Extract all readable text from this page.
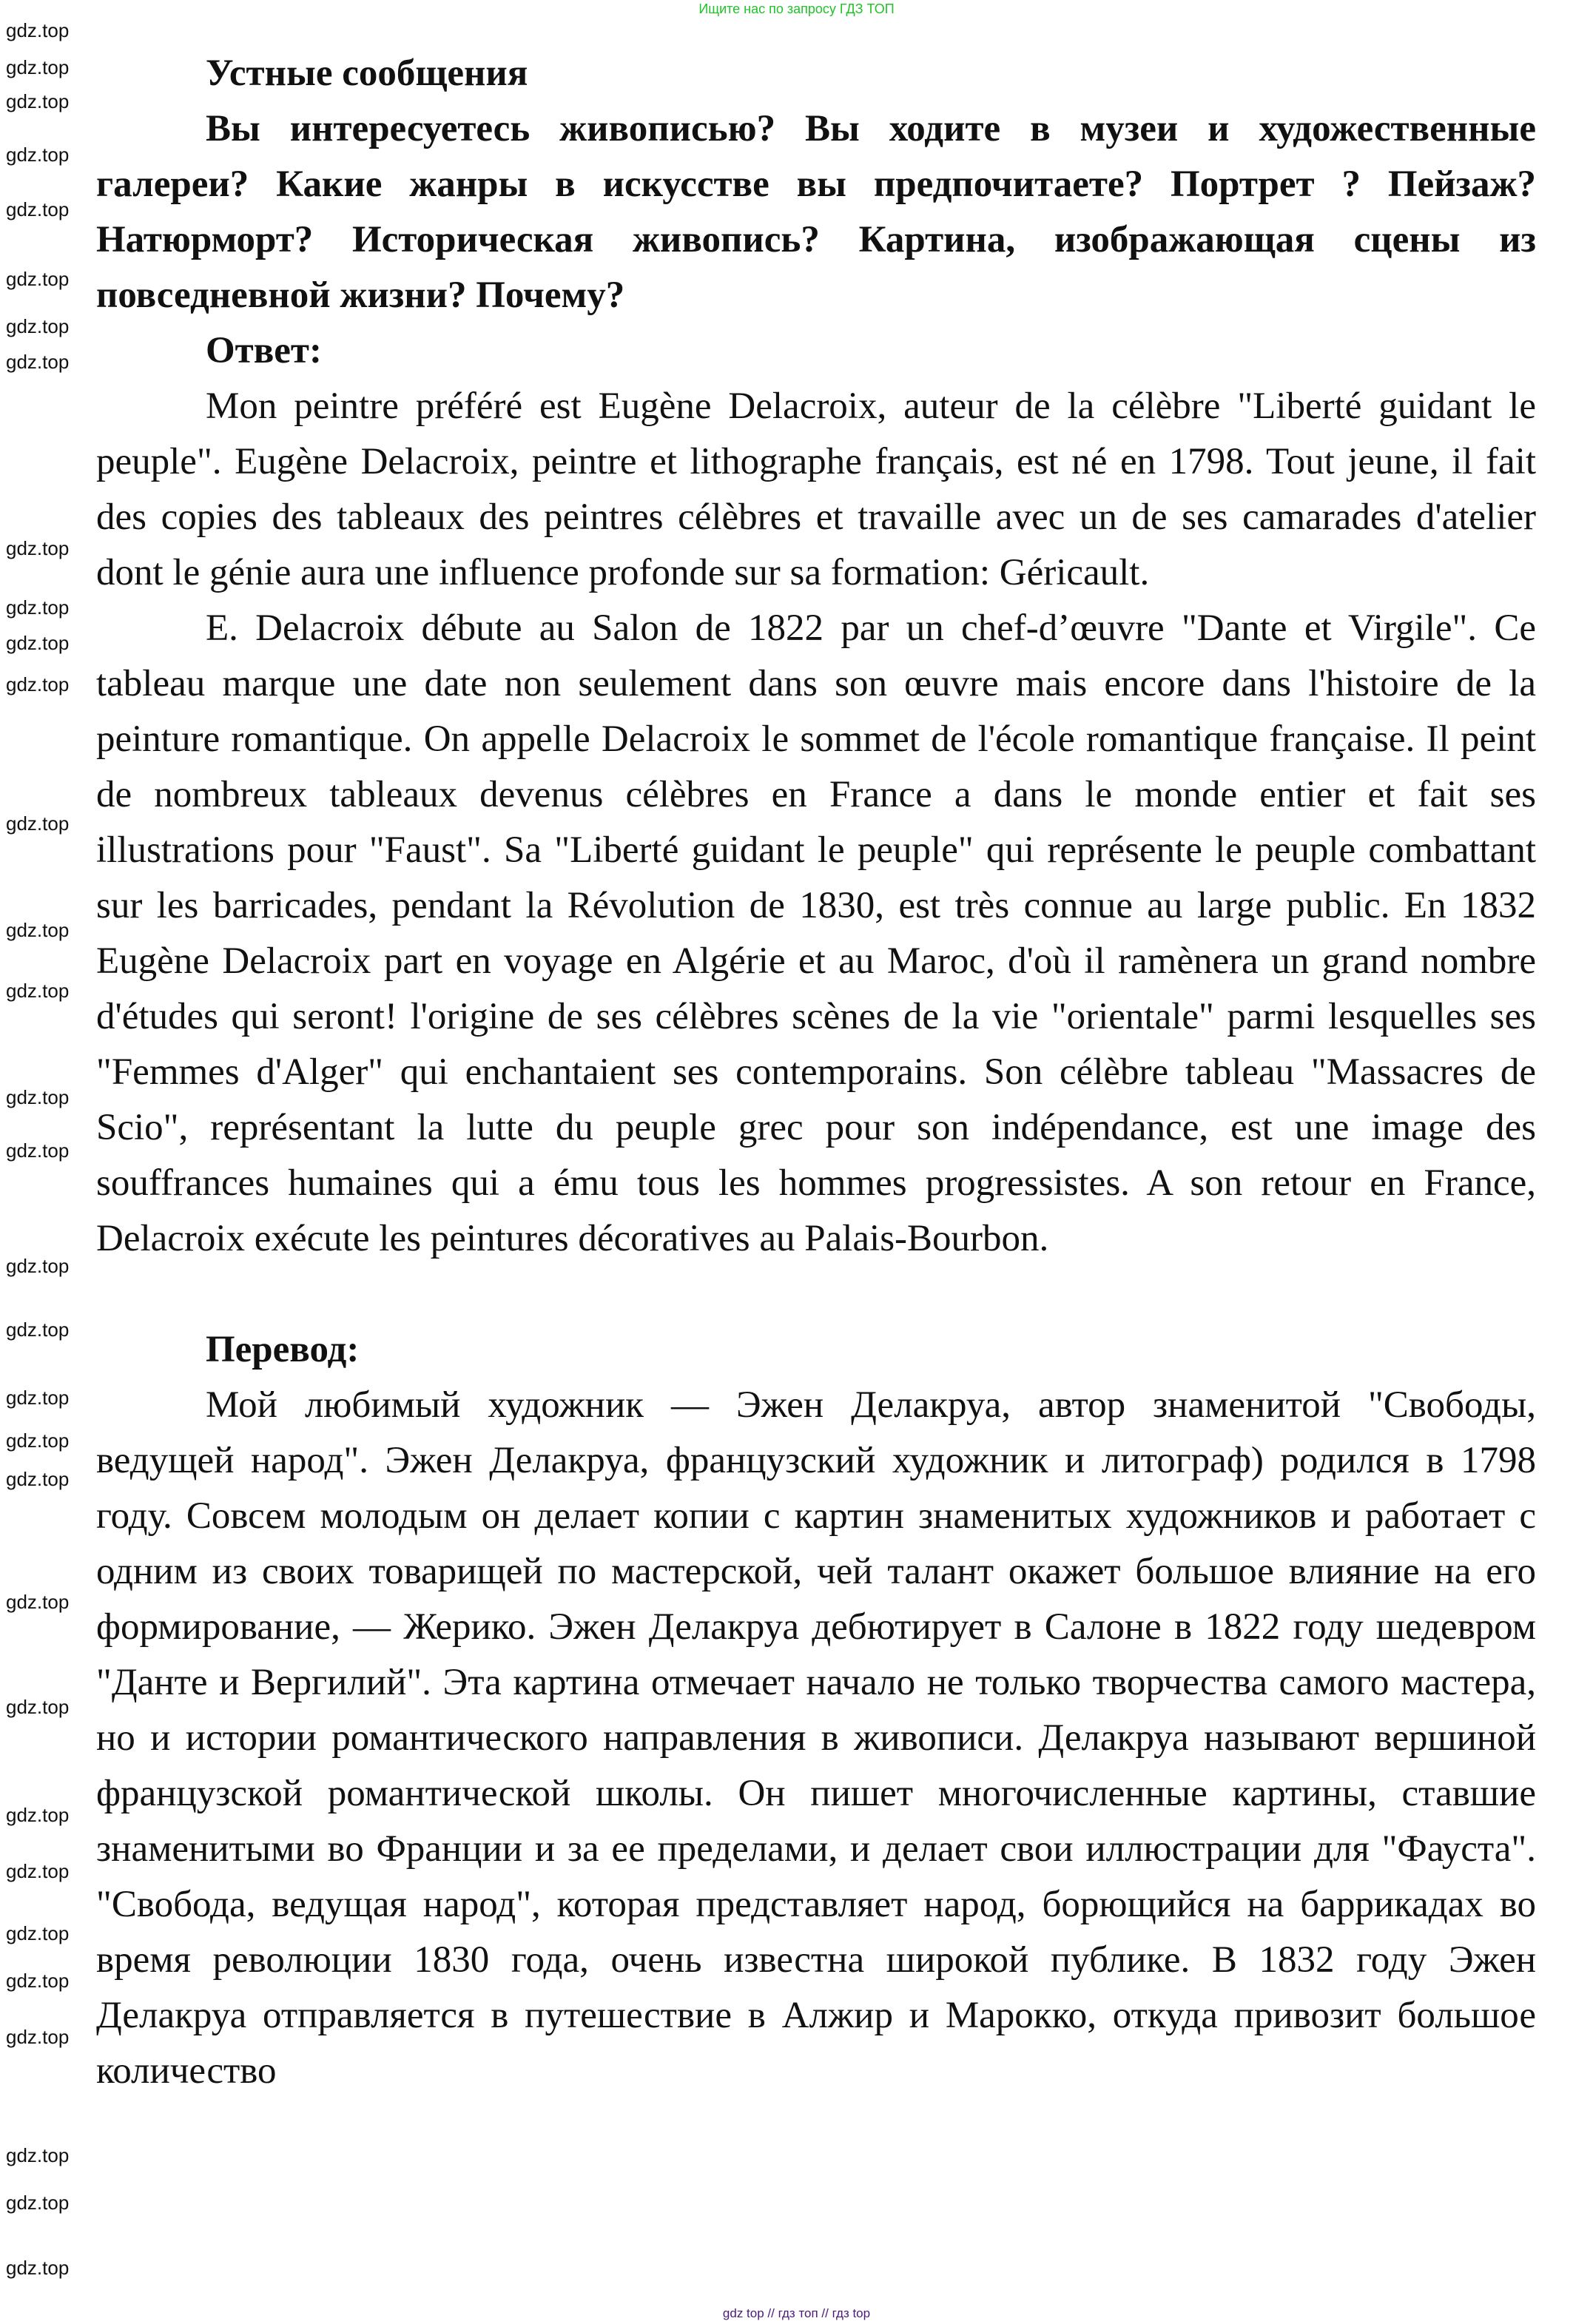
Ищите нас по запросу ГДЗ ТОП
Устные сообщения

Вы интересуетесь живописью? Вы ходите в музеи и художественные галереи? Какие жанры в искусстве вы предпочитаете? Портрет ? Пейзаж? Натюрморт? Историческая живопись? Картина, изображающая сцены из повседневной жизни? Почему?

Ответ:

Mon peintre préféré est Eugène Delacroix, auteur de la célèbre "Liberté guidant le peuple". Eugène Delacroix, peintre et lithographe français, est né en 1798. Tout jeune, il fait des copies des tableaux des peintres célèbres et travaille avec un de ses camarades d'atelier dont le génie aura une influence profonde sur sa formation: Géricault.

E. Delacroix débute au Salon de 1822 par un chef-d’œuvre "Dante et Virgile". Ce tableau marque une date non seulement dans son œuvre mais encore dans l'histoire de la peinture romantique. On appelle Delacroix le sommet de l'école romantique française. Il peint de nombreux tableaux devenus célèbres en France a dans le monde entier et fait ses illustrations pour "Faust". Sa "Liberté guidant le peuple" qui représente le peuple combattant sur les barricades, pendant la Révolution de 1830, est très connue au large public. En 1832 Eugène Delacroix part en voyage en Algérie et au Maroc, d'où il ramènera un grand nombre d'études qui seront! l'origine de ses célèbres scènes de la vie "orientale" parmi lesquelles ses "Femmes d'Alger" qui enchantaient ses contemporains. Son célèbre tableau "Massacres de Scio", représentant la lutte du peuple grec pour son indépendance, est une image des souffrances humaines qui a ému tous les hommes progressistes. A son retour en France, Delacroix exécute les peintures décoratives au Palais-Bourbon.

Перевод:

Мой любимый художник — Эжен Делакруа, автор знаменитой "Свободы, ведущей народ". Эжен Делакруа, французский художник и литограф) родился в 1798 году. Совсем молодым он делает копии с картин знаменитых художников и работает с одним из своих товарищей по мастерской, чей талант окажет большое влияние на его формирование, — Жерико. Эжен Делакруа дебютирует в Салоне в 1822 году шедевром "Данте и Вергилий". Эта картина отмечает начало не только творчества самого мастера, но и истории романтического направления в живописи. Делакруа называют вершиной французской романтической школы. Он пишет многочисленные картины, ставшие знаменитыми во Франции и за ее пределами, и делает свои иллюстрации для "Фауста". "Свобода, ведущая народ", которая представляет народ, борющийся на баррикадах во время революции 1830 года, очень известна широкой публике. В 1832 году Эжен Делакруа отправляется в путешествие в Алжир и Марокко, откуда привозит большое количество

gdz.top
gdz.top
gdz.top
gdz.top
gdz.top
gdz.top
gdz.top
gdz.top
gdz.top
gdz.top
gdz.top
gdz.top
gdz.top
gdz.top
gdz.top
gdz.top
gdz.top
gdz.top
gdz.top
gdz.top
gdz.top
gdz.top
gdz.top
gdz.top
gdz.top
gdz.top
gdz.top
gdz.top
gdz.top
gdz.top
gdz.top
gdz.top
gdz top // гдз топ // гдз top
